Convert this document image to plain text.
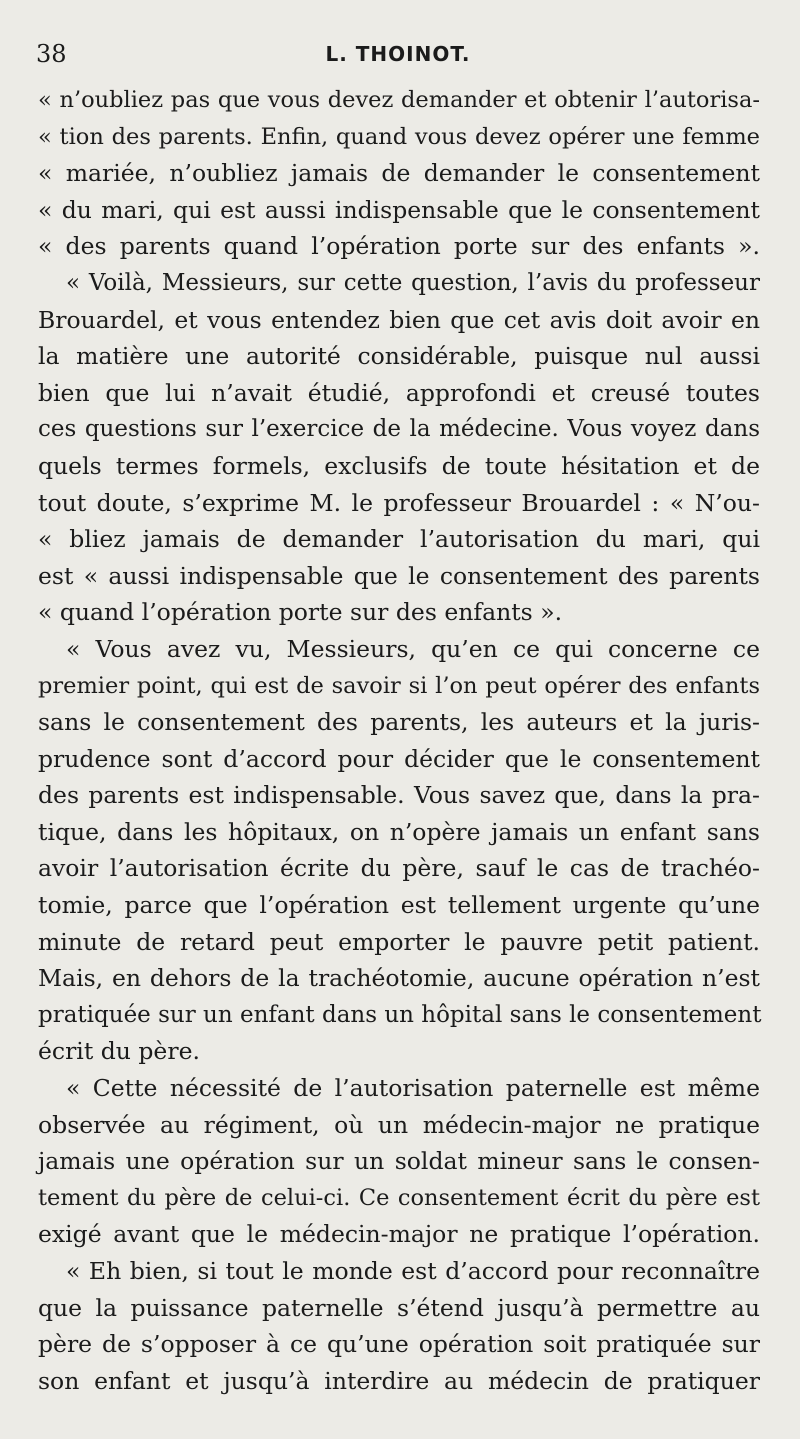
38	L. THOINOT.
« n’oubliez pas que vous devez demander et obtenir l’autorisa-
« tion des parents. Enfin, quand vous devez opérer une femme
« mariée, n’oubliez jamais de demander le consentement
« du mari, qui est aussi indispensable que le consentement
« des parents quand l’opération porte sur des enfants ».
« Voilà, Messieurs, sur cette question, l’avis du professeur
Brouardel, et vous entendez bien que cet avis doit avoir en
la matière une autorité considérable, puisque nul aussi
bien que lui n’avait étudié, approfondi et creusé toutes
ces questions sur l’exercice de la médecine. Vous voyez dans
quels termes formels, exclusifs de toute hésitation et de
tout doute, s’exprime M. le professeur Brouardel : « N’ou-
« bliez jamais de demander l’autorisation du mari, qui
est « aussi indispensable que le consentement des parents
« quand l’opération porte sur des enfants ».
« Vous avez vu, Messieurs, qu’en ce qui concerne ce
premier point, qui est de savoir si l’on peut opérer des enfants
sans le consentement des parents, les auteurs et la juris-
prudence sont d’accord pour décider que le consentement
des parents est indispensable. Vous savez que, dans la pra-
tique, dans les hôpitaux, on n’opère jamais un enfant sans
avoir l’autorisation écrite du père, sauf le cas de trachéo-
tomie, parce que l’opération est tellement urgente qu’une
minute de retard peut emporter le pauvre petit patient.
Mais, en dehors de la trachéotomie, aucune opération n’est
pratiquée sur un enfant dans un hôpital sans le consentement
écrit du père.
« Cette nécessité de l’autorisation paternelle est même
observée au régiment, où un médecin-major ne pratique
jamais une opération sur un soldat mineur sans le consen-
tement du père de celui-ci. Ce consentement écrit du père est
exigé avant que le médecin-major ne pratique l’opération.
« Eh bien, si tout le monde est d’accord pour reconnaître
que la puissance paternelle s’étend jusqu’à permettre au
père de s’opposer à ce qu’une opération soit pratiquée sur
son enfant et jusqu’à interdire au médecin de pratiquer
